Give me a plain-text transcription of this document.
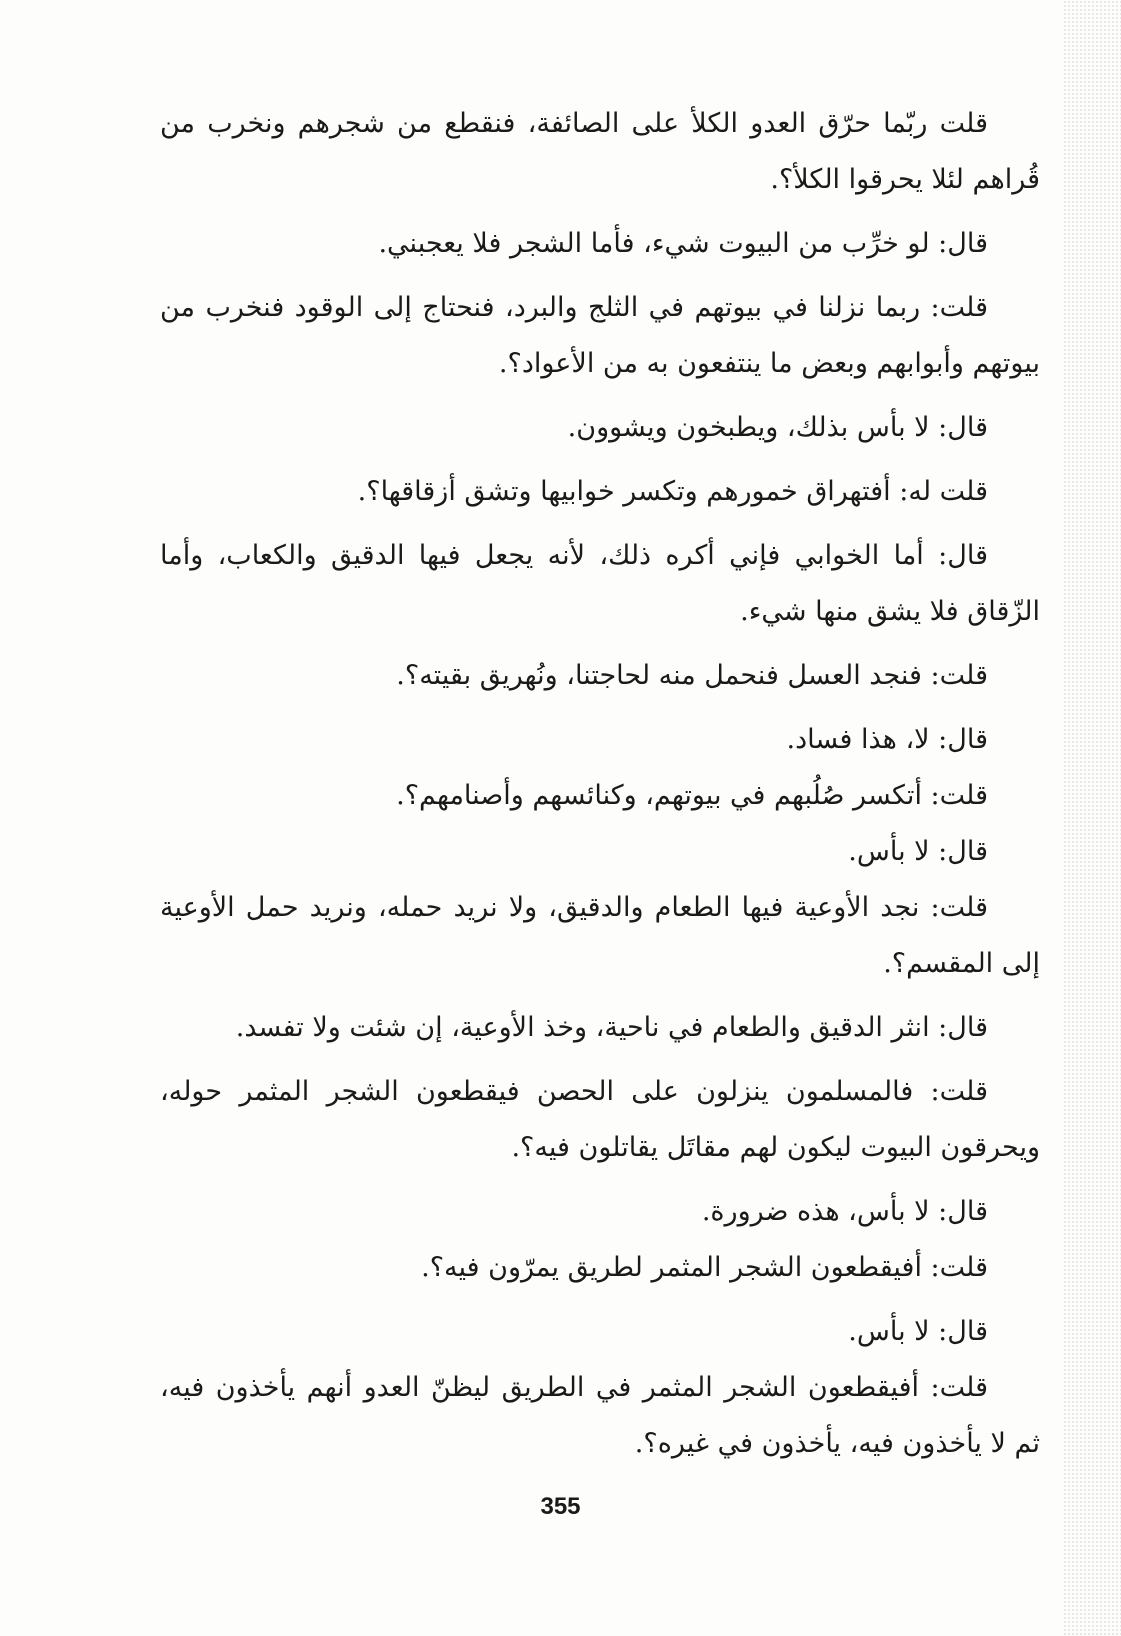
قلت ربّما حرّق العدو الكلأ على الصائفة، فنقطع من شجرهم ونخرب من قُراهم لئلا يحرقوا الكلأ؟.

قال: لو خرِّب من البيوت شيء، فأما الشجر فلا يعجبني.

قلت: ربما نزلنا في بيوتهم في الثلج والبرد، فنحتاج إلى الوقود فنخرب من بيوتهم وأبوابهم وبعض ما ينتفعون به من الأعواد؟.

قال: لا بأس بذلك، ويطبخون ويشوون.

قلت له: أفتهراق خمورهم وتكسر خوابيها وتشق أزقاقها؟.

قال: أما الخوابي فإني أكره ذلك، لأنه يجعل فيها الدقيق والكعاب، وأما الزّقاق فلا يشق منها شيء.

قلت: فنجد العسل فنحمل منه لحاجتنا، ونُهريق بقيته؟.

قال: لا، هذا فساد.

قلت: أتكسر صُلُبهم في بيوتهم، وكنائسهم وأصنامهم؟.

قال: لا بأس.

قلت: نجد الأوعية فيها الطعام والدقيق، ولا نريد حمله، ونريد حمل الأوعية إلى المقسم؟.

قال: انثر الدقيق والطعام في ناحية، وخذ الأوعية، إن شئت ولا تفسد.

قلت: فالمسلمون ينزلون على الحصن فيقطعون الشجر المثمر حوله، ويحرقون البيوت ليكون لهم مقاتَل يقاتلون فيه؟.

قال: لا بأس، هذه ضرورة.

قلت: أفيقطعون الشجر المثمر لطريق يمرّون فيه؟.

قال: لا بأس.

قلت: أفيقطعون الشجر المثمر في الطريق ليظنّ العدو أنهم يأخذون فيه، ثم لا يأخذون فيه، يأخذون في غيره؟.

355
